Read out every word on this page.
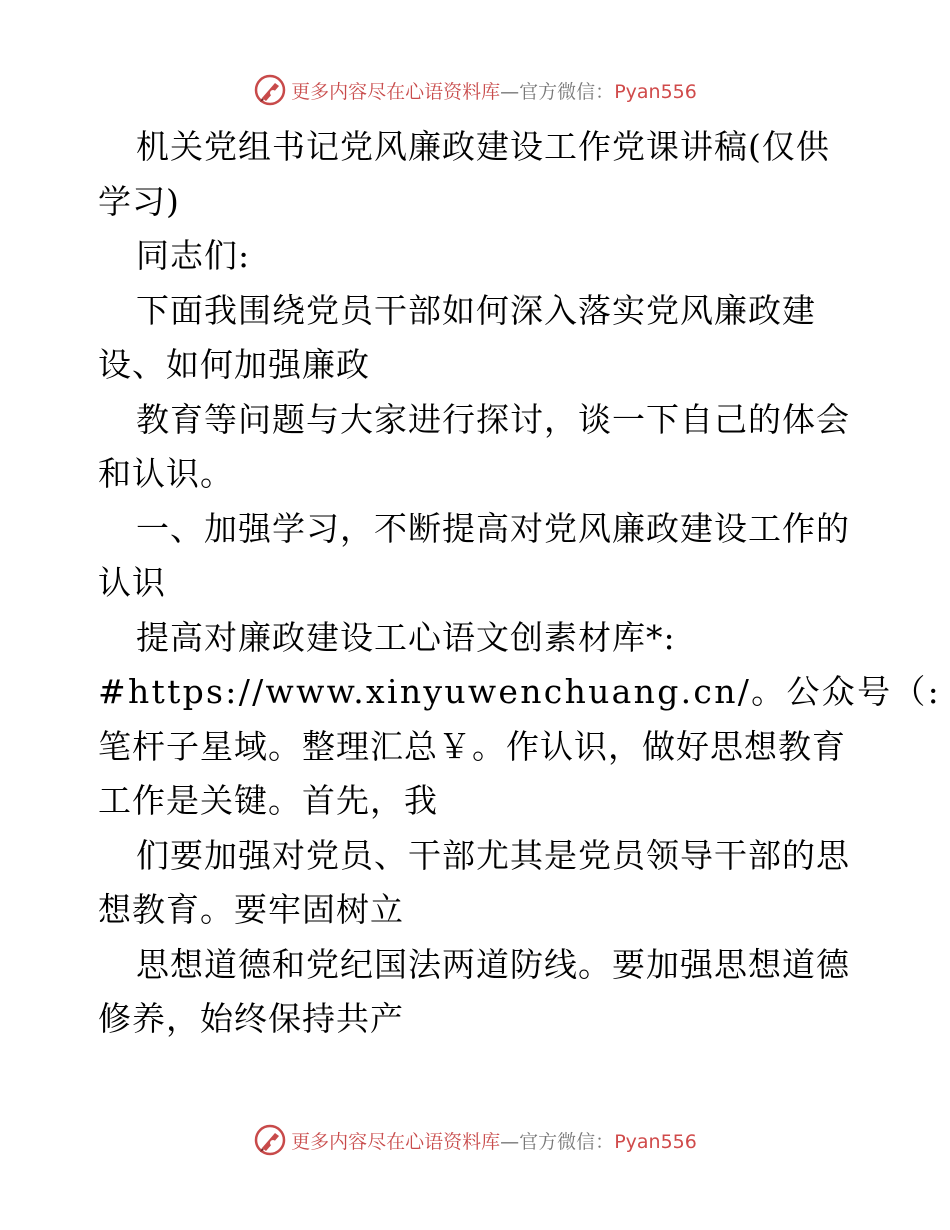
更多内容尽在心语资料库—官方微信：Pyan556
机关党组书记党风廉政建设工作党课讲稿(仅供
学习)
同志们:
下面我围绕党员干部如何深入落实党风廉政建
设、如何加强廉政
教育等问题与大家进行探讨，谈一下自己的体会
和认识。
一、加强学习，不断提高对党风廉政建设工作的
认识
提高对廉政建设工心语文创素材库*:
#https://www.xinyuwenchuang.cn/。公众号（:
笔杆子星域。整理汇总￥。作认识，做好思想教育
工作是关键。首先，我
们要加强对党员、干部尤其是党员领导干部的思
想教育。要牢固树立
思想道德和党纪国法两道防线。要加强思想道德
修养，始终保持共产
更多内容尽在心语资料库—官方微信：Pyan556
